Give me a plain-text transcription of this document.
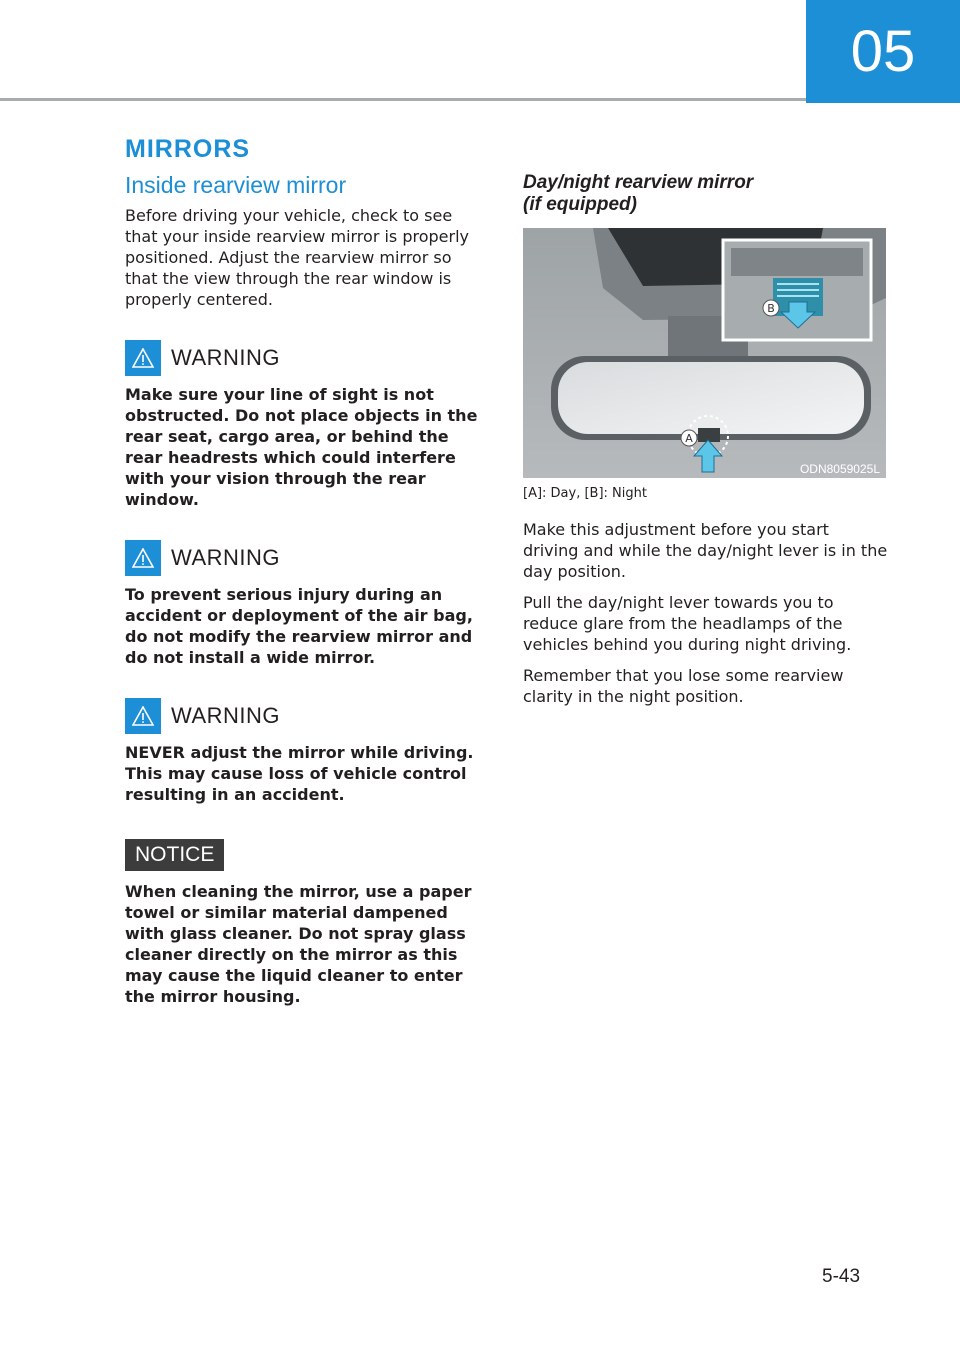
05
MIRRORS
Inside rearview mirror

Before driving your vehicle, check to see that your inside rearview mirror is properly positioned. Adjust the rearview mirror so that the view through the rear window is properly centered.

WARNING

Make sure your line of sight is not obstructed. Do not place objects in the rear seat, cargo area, or behind the rear headrests which could interfere with your vision through the rear window.

WARNING

To prevent serious injury during an accident or deployment of the air bag, do not modify the rearview mirror and do not install a wide mirror.

WARNING

NEVER adjust the mirror while driving. This may cause loss of vehicle control resulting in an accident.

NOTICE

When cleaning the mirror, use a paper towel or similar material dampened with glass cleaner. Do not spray glass cleaner directly on the mirror as this may cause the liquid cleaner to enter the mirror housing.

Day/night rearview mirror
(if equipped)
A
B
ODN8059025L

[A]: Day, [B]: Night

Make this adjustment before you start driving and while the day/night lever is in the day position.

Pull the day/night lever towards you to reduce glare from the headlamps of the vehicles behind you during night driving.

Remember that you lose some rearview clarity in the night position.

5-43
